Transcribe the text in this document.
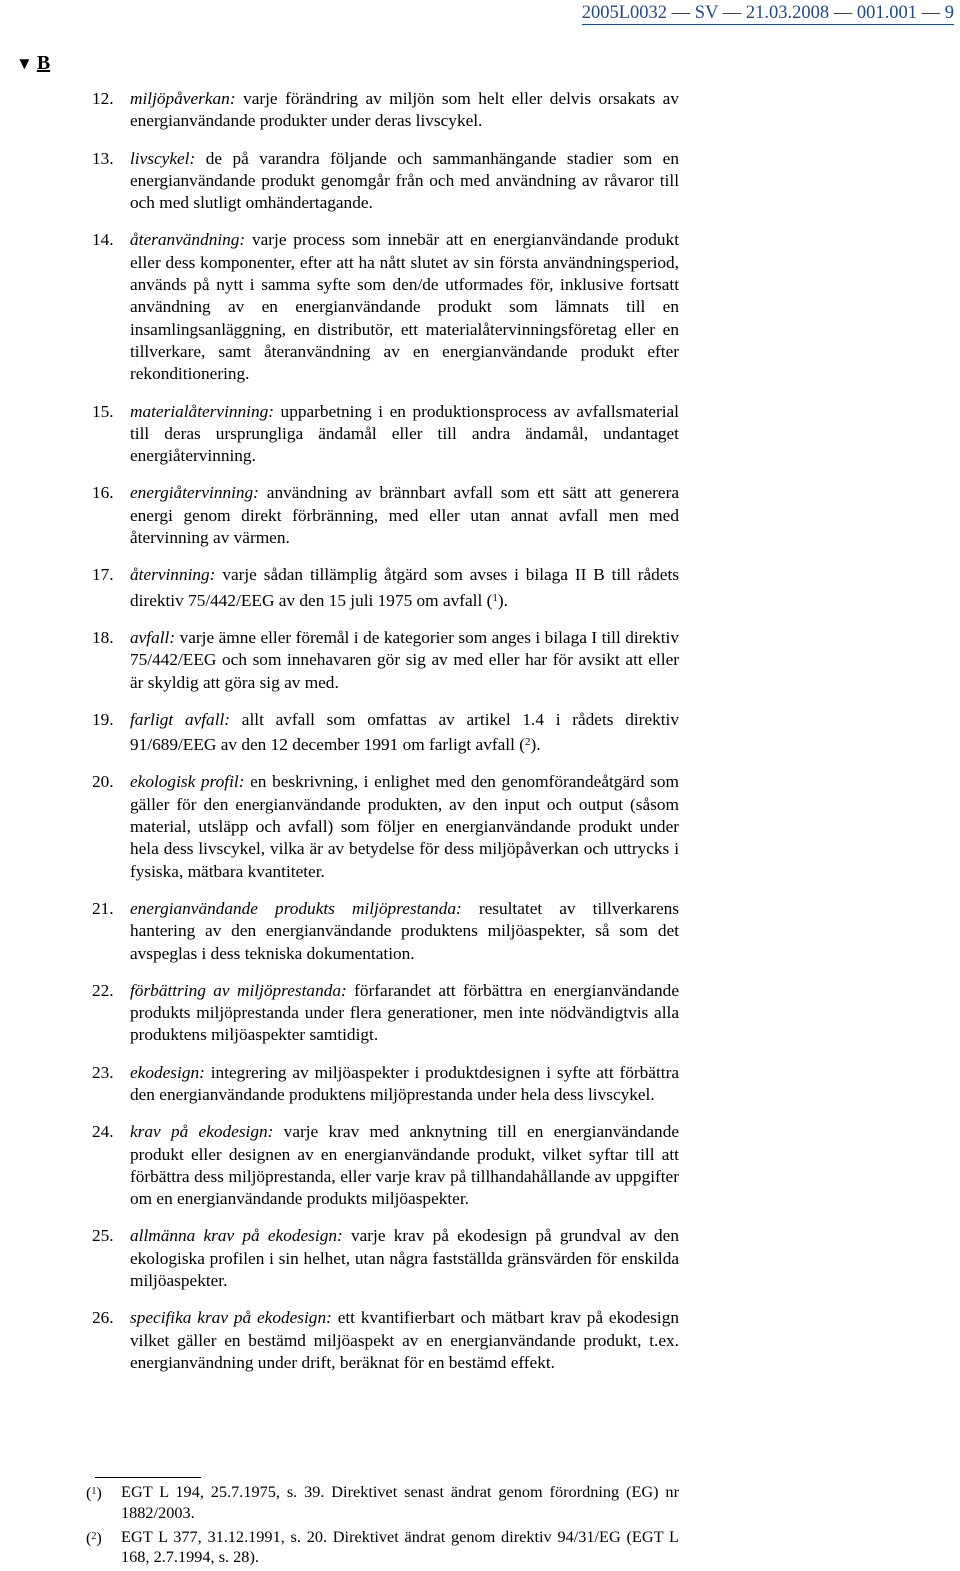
2005L0032 — SV — 21.03.2008 — 001.001 — 9
▼ B
12. miljöpåverkan: varje förändring av miljön som helt eller delvis orsakats av energianvändande produkter under deras livscykel.
13. livscykel: de på varandra följande och sammanhängande stadier som en energianvändande produkt genomgår från och med användning av råvaror till och med slutligt omhändertagande.
14. återanvändning: varje process som innebär att en energianvändande produkt eller dess komponenter, efter att ha nått slutet av sin första användningsperiod, används på nytt i samma syfte som den/de utformades för, inklusive fortsatt användning av en energianvändande produkt som lämnats till en insamlingsanläggning, en distributör, ett materialåtervinningsföretag eller en tillverkare, samt återanvändning av en energianvändande produkt efter rekonditionering.
15. materialåtervinning: upparbetning i en produktionsprocess av avfallsmaterial till deras ursprungliga ändamål eller till andra ändamål, undantaget energiåtervinning.
16. energiåtervinning: användning av brännbart avfall som ett sätt att generera energi genom direkt förbränning, med eller utan annat avfall men med återvinning av värmen.
17. återvinning: varje sådan tillämplig åtgärd som avses i bilaga II B till rådets direktiv 75/442/EEG av den 15 juli 1975 om avfall ($^1$).
18. avfall: varje ämne eller föremål i de kategorier som anges i bilaga I till direktiv 75/442/EEG och som innehavaren gör sig av med eller har för avsikt att eller är skyldig att göra sig av med.
19. farligt avfall: allt avfall som omfattas av artikel 1.4 i rådets direktiv 91/689/EEG av den 12 december 1991 om farligt avfall ($^2$).
20. ekologisk profil: en beskrivning, i enlighet med den genomförandeåtgärd som gäller för den energianvändande produkten, av den input och output (såsom material, utsläpp och avfall) som följer en energianvändande produkt under hela dess livscykel, vilka är av betydelse för dess miljöpåverkan och uttrycks i fysiska, mätbara kvantiteter.
21. energianvändande produkts miljöprestanda: resultatet av tillverkarens hantering av den energianvändande produktens miljöaspekter, så som det avspeglas i dess tekniska dokumentation.
22. förbättring av miljöprestanda: förfarandet att förbättra en energianvändande produkts miljöprestanda under flera generationer, men inte nödvändigtvis alla produktens miljöaspekter samtidigt.
23. ekodesign: integrering av miljöaspekter i produktdesignen i syfte att förbättra den energianvändande produktens miljöprestanda under hela dess livscykel.
24. krav på ekodesign: varje krav med anknytning till en energianvändande produkt eller designen av en energianvändande produkt, vilket syftar till att förbättra dess miljöprestanda, eller varje krav på tillhandahållande av uppgifter om en energianvändande produkts miljöaspekter.
25. allmänna krav på ekodesign: varje krav på ekodesign på grundval av den ekologiska profilen i sin helhet, utan några fastställda gränsvärden för enskilda miljöaspekter.
26. specifika krav på ekodesign: ett kvantifierbart och mätbart krav på ekodesign vilket gäller en bestämd miljöaspekt av en energianvändande produkt, t.ex. energianvändning under drift, beräknat för en bestämd effekt.
($^1$) EGT L 194, 25.7.1975, s. 39. Direktivet senast ändrat genom förordning (EG) nr 1882/2003.
($^2$) EGT L 377, 31.12.1991, s. 20. Direktivet ändrat genom direktiv 94/31/EG (EGT L 168, 2.7.1994, s. 28).
